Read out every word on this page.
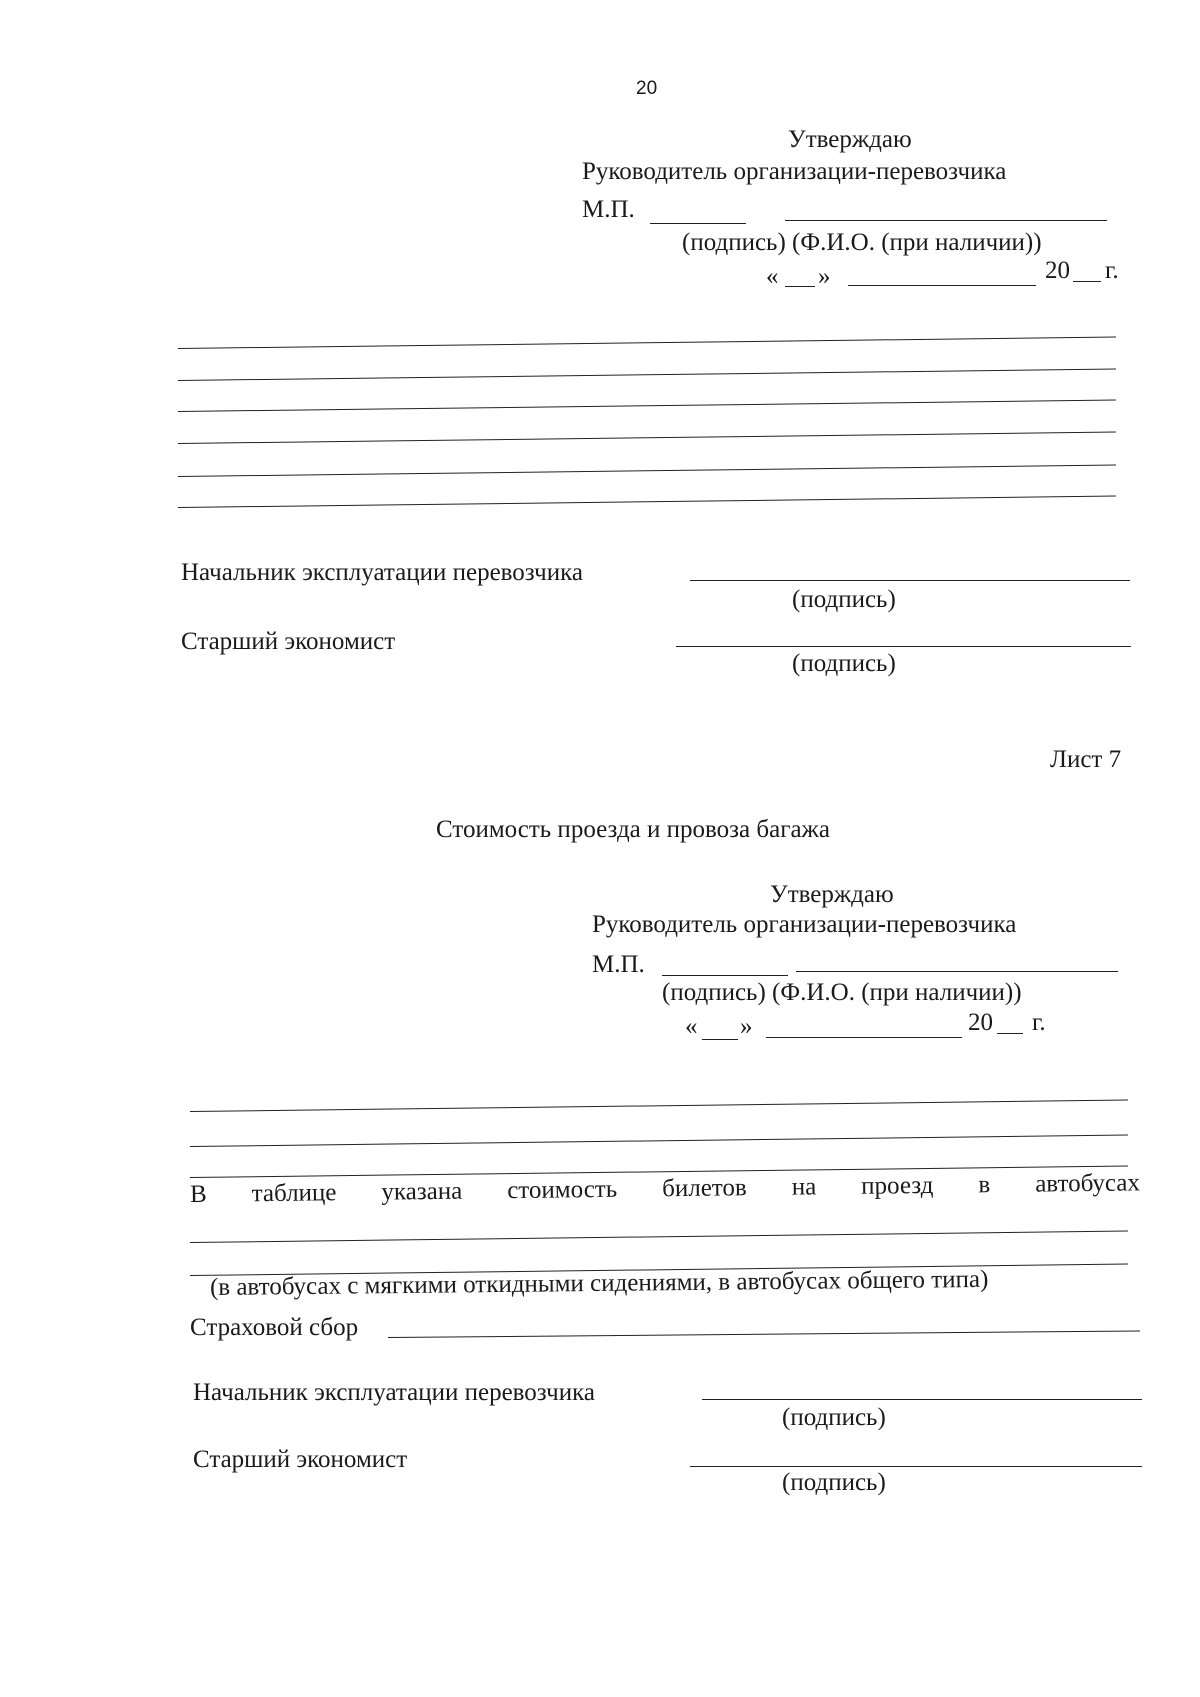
20
Утверждаю
Руководитель организации-перевозчика
М.П.
(подпись) (Ф.И.О. (при наличии))
« »	20 г.
Начальник эксплуатации перевозчика
(подпись)
Старший экономист
(подпись)
Лист 7
Стоимость проезда и провоза багажа
Утверждаю
Руководитель организации-перевозчика
М.П.
(подпись) (Ф.И.О. (при наличии))
« »	20 г.
В таблице указана стоимость билетов на проезд в автобусах
(в автобусах с мягкими откидными сидениями, в автобусах общего типа)
Страховой сбор
Начальник эксплуатации перевозчика
(подпись)
Старший экономист
(подпись)
